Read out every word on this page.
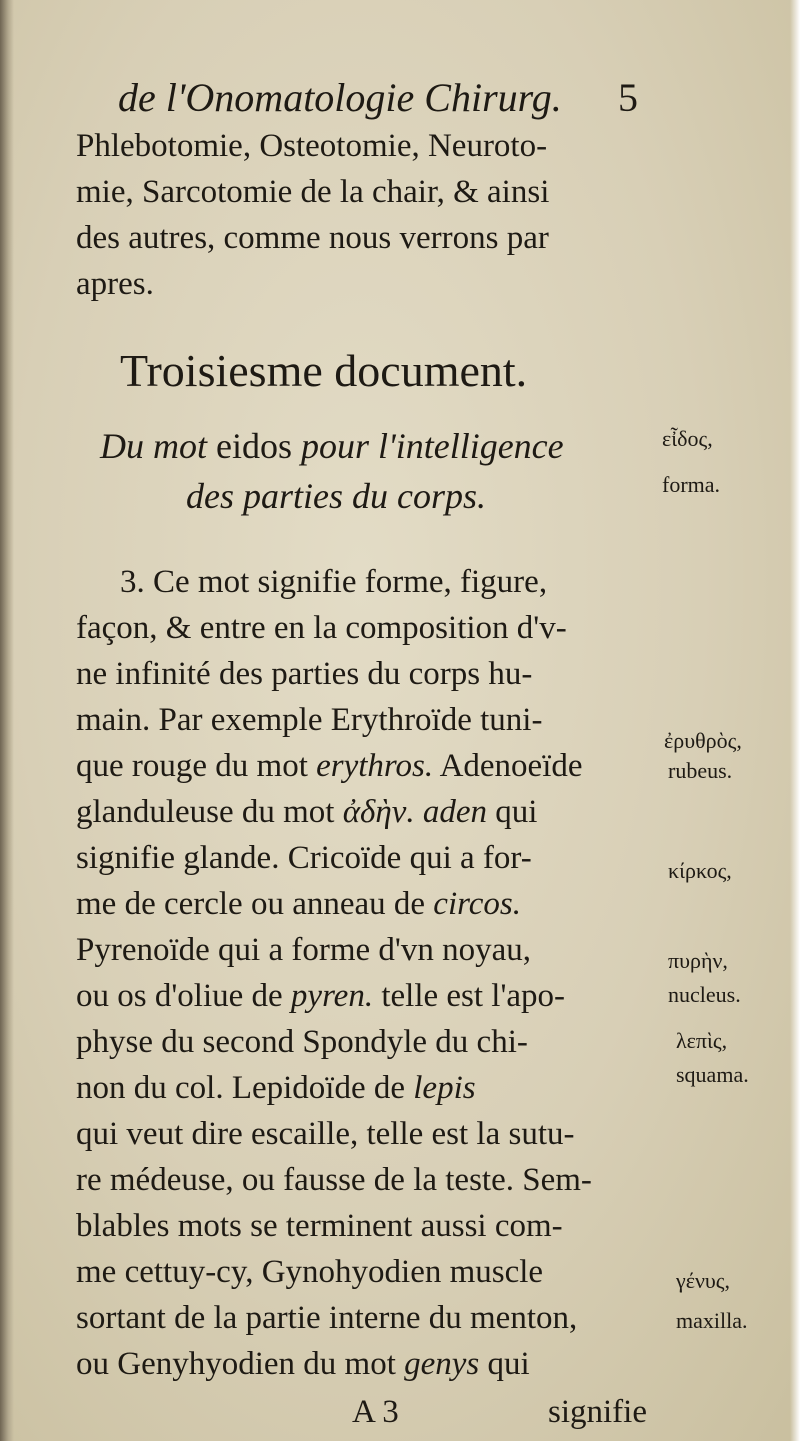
de l'Onomatologie Chirurg. 5
Phlebotomie, Osteotomie, Neuroto-
mie, Sarcotomie de la chair, & ainsi
des autres, comme nous verrons par
apres.
Troisiesme document.
Du mot eidos pour l'intelligence
des parties du corps.
3. Ce mot signifie forme, figure,
façon, & entre en la composition d'v-
ne infinité des parties du corps hu-
main. Par exemple Erythroïde tuni-
que rouge du mot erythros. Adenoeïde
glanduleuse du mot ἀδὴν. aden qui
signifie glande. Cricoïde qui a for-
me de cercle ou anneau de circos.
Pyrenoïde qui a forme d'vn noyau,
ou os d'oliue de pyren. telle est l'apo-
physe du second Spondyle du chi-
non du col. Lepidoïde de lepis
qui veut dire escaille, telle est la sutu-
re médeuse, ou fausse de la teste. Sem-
blables mots se terminent aussi com-
me cettuy-cy, Gynohyodien muscle
sortant de la partie interne du menton,
ou Genyhyodien du mot genys qui
A 3	signifie
εἶδος,
forma.
ἐρυθρὸς,
rubeus.
κίρκος,
πυρὴν,
nucleus.
λεπὶς,
squama.
γένυς,
maxilla.
